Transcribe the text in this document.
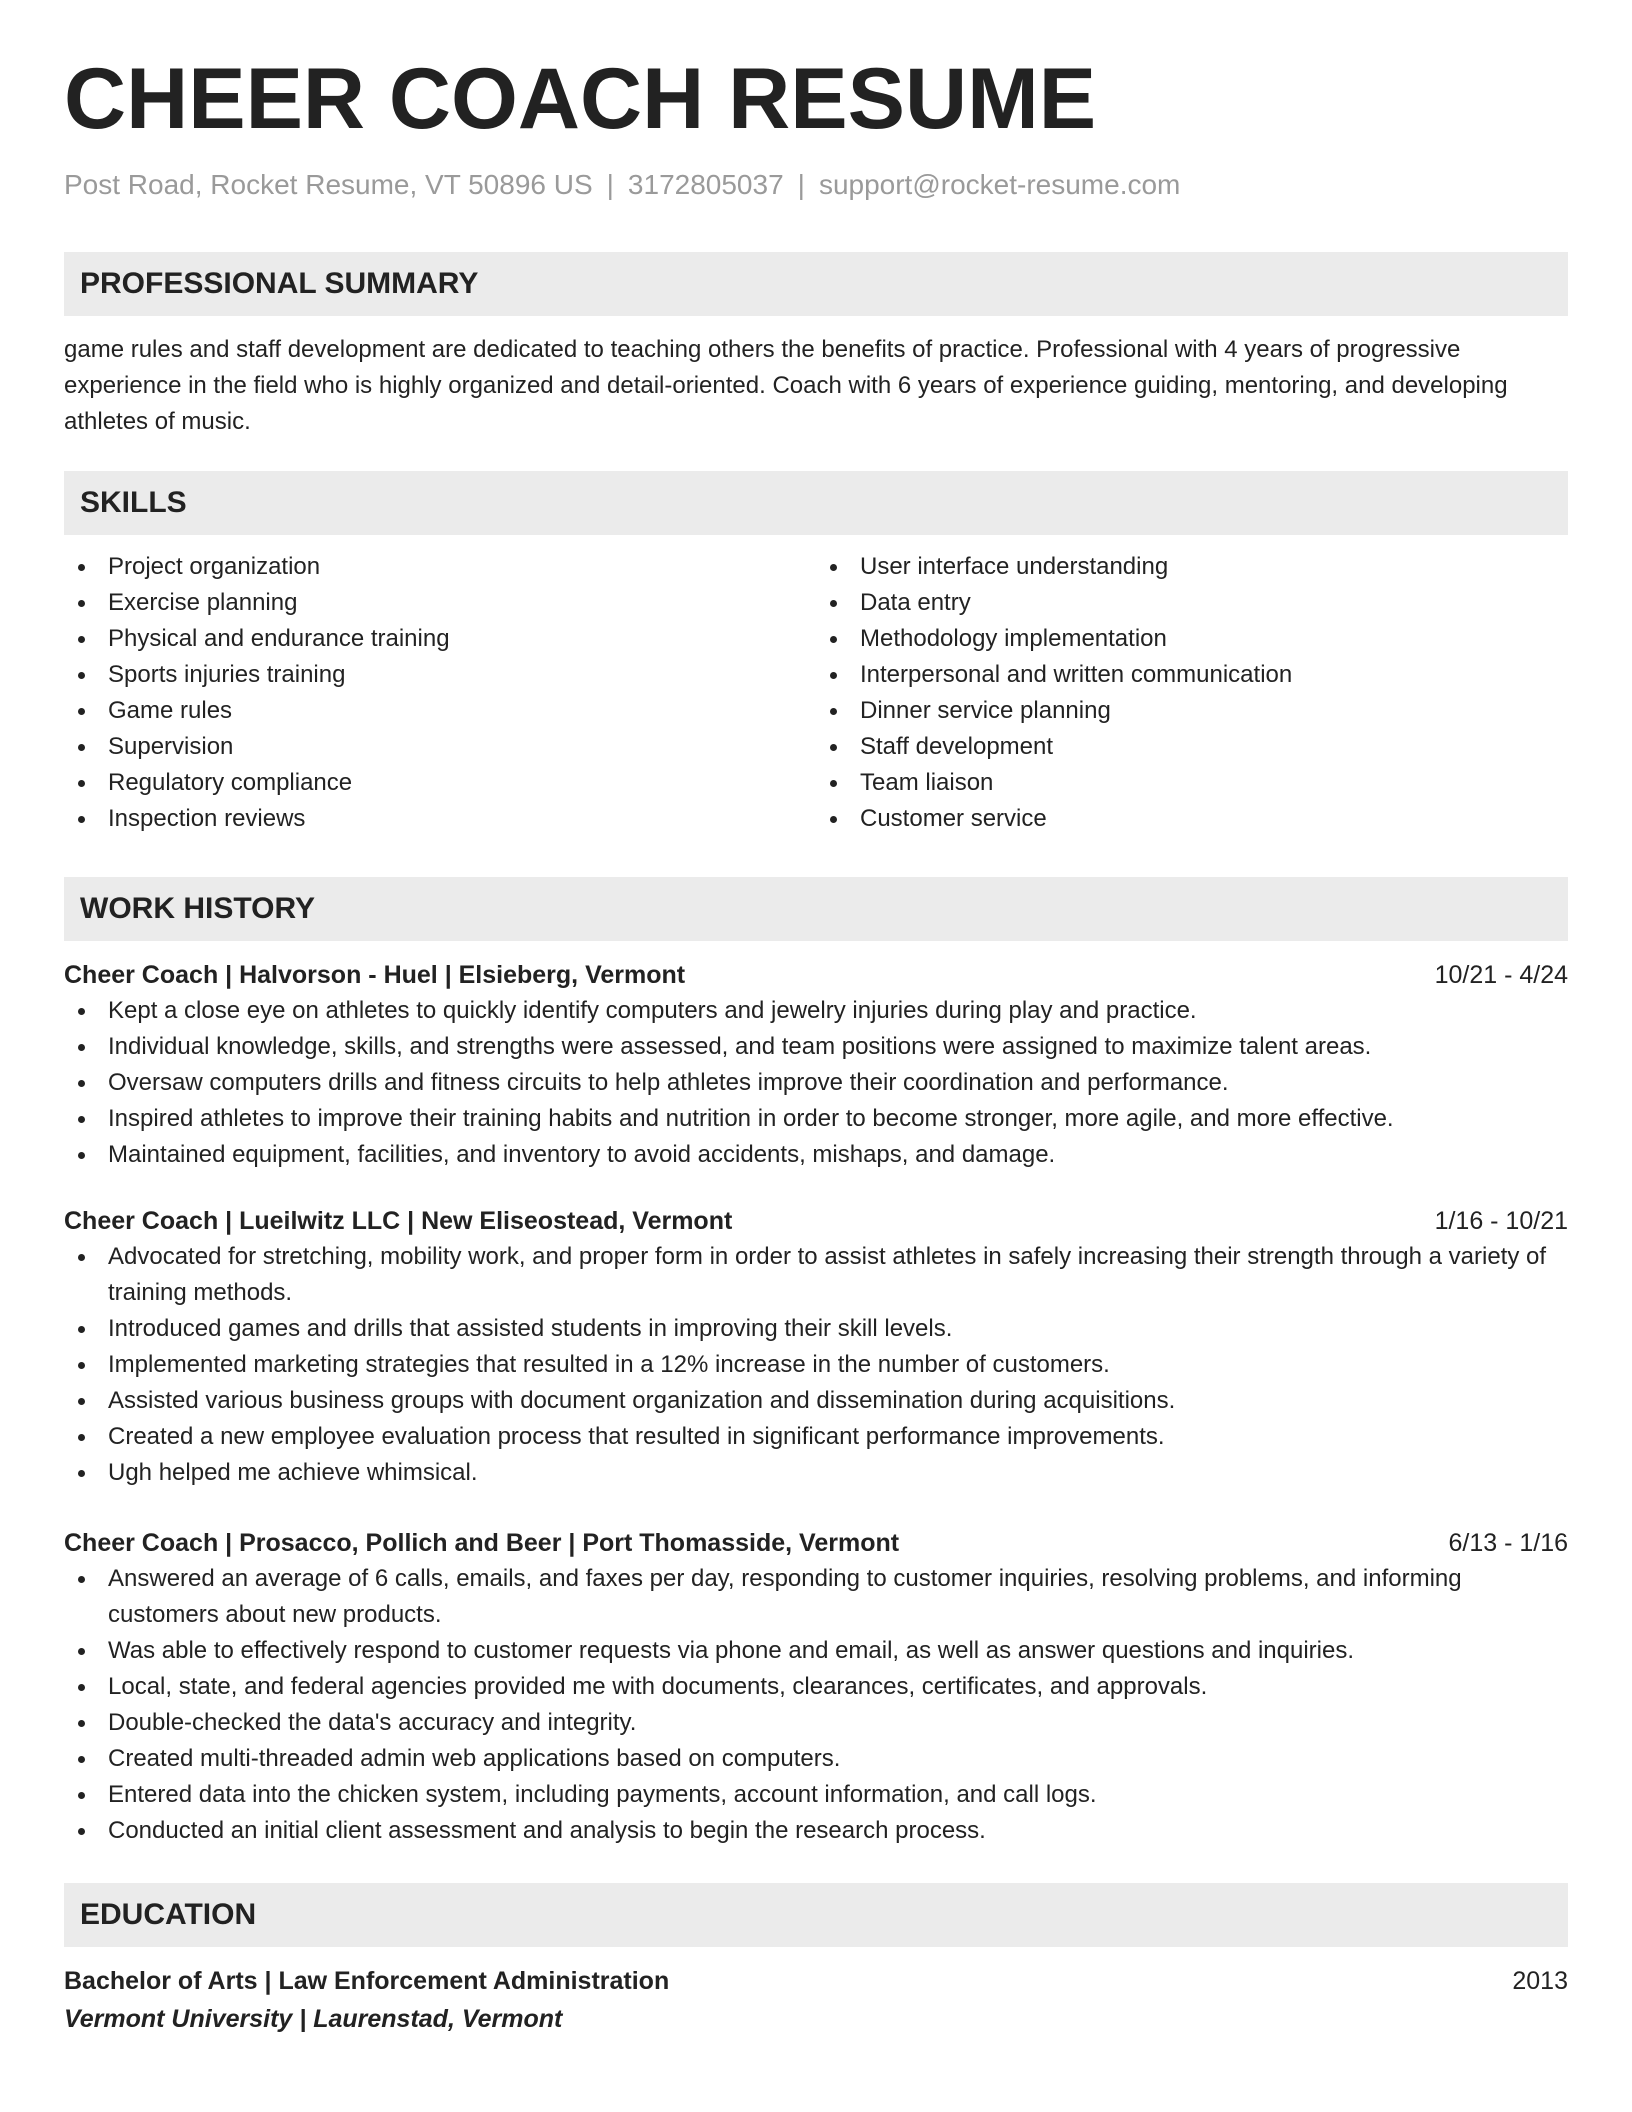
CHEER COACH RESUME
Post Road, Rocket Resume, VT 50896 US | 3172805037 | support@rocket-resume.com
PROFESSIONAL SUMMARY

game rules and staff development are dedicated to teaching others the benefits of practice. Professional with 4 years of progressive experience in the field who is highly organized and detail-oriented. Coach with 6 years of experience guiding, mentoring, and developing athletes of music.

SKILLS
Project organization
Exercise planning
Physical and endurance training
Sports injuries training
Game rules
Supervision
Regulatory compliance
Inspection reviews
User interface understanding
Data entry
Methodology implementation
Interpersonal and written communication
Dinner service planning
Staff development
Team liaison
Customer service
WORK HISTORY
Cheer Coach | Halvorson - Huel | Elsieberg, Vermont	10/21 - 4/24
Kept a close eye on athletes to quickly identify computers and jewelry injuries during play and practice.
Individual knowledge, skills, and strengths were assessed, and team positions were assigned to maximize talent areas.
Oversaw computers drills and fitness circuits to help athletes improve their coordination and performance.
Inspired athletes to improve their training habits and nutrition in order to become stronger, more agile, and more effective.
Maintained equipment, facilities, and inventory to avoid accidents, mishaps, and damage.
Cheer Coach | Lueilwitz LLC | New Eliseostead, Vermont	1/16 - 10/21
Advocated for stretching, mobility work, and proper form in order to assist athletes in safely increasing their strength through a variety of training methods.
Introduced games and drills that assisted students in improving their skill levels.
Implemented marketing strategies that resulted in a 12% increase in the number of customers.
Assisted various business groups with document organization and dissemination during acquisitions.
Created a new employee evaluation process that resulted in significant performance improvements.
Ugh helped me achieve whimsical.
Cheer Coach | Prosacco, Pollich and Beer | Port Thomasside, Vermont	6/13 - 1/16
Answered an average of 6 calls, emails, and faxes per day, responding to customer inquiries, resolving problems, and informing customers about new products.
Was able to effectively respond to customer requests via phone and email, as well as answer questions and inquiries.
Local, state, and federal agencies provided me with documents, clearances, certificates, and approvals.
Double-checked the data's accuracy and integrity.
Created multi-threaded admin web applications based on computers.
Entered data into the chicken system, including payments, account information, and call logs.
Conducted an initial client assessment and analysis to begin the research process.
EDUCATION
Bachelor of Arts | Law Enforcement Administration	2013
Vermont University | Laurenstad, Vermont
